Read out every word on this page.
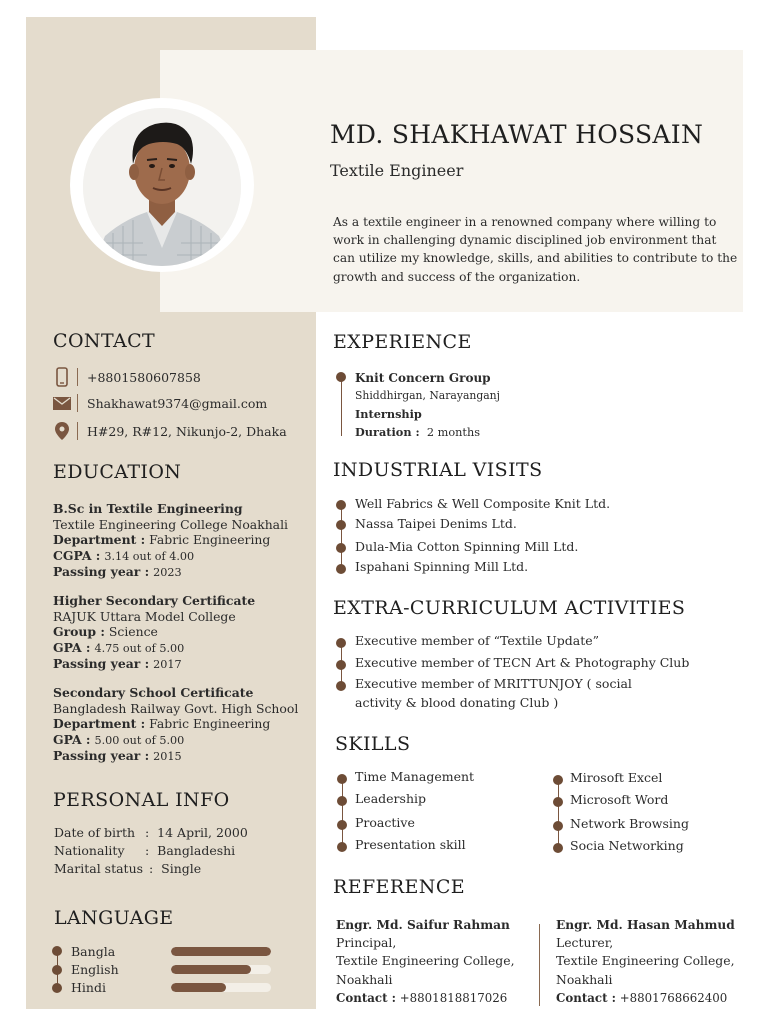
MD. SHAKHAWAT HOSSAIN
Textile Engineer
As a textile engineer in a renowned company where willing to work in challenging dynamic disciplined job environment that can utilize my knowledge, skills, and abilities to contribute to the growth and success of the organization.
CONTACT
+8801580607858
Shakhawat9374@gmail.com
H#29, R#12, Nikunjo-2, Dhaka
EDUCATION
B.Sc in Textile Engineering
Textile Engineering College Noakhali
Department : Fabric Engineering
CGPA : 3.14 out of 4.00
Passing year : 2023
Higher Secondary Certificate
RAJUK Uttara Model College
Group : Science
GPA : 4.75 out of 5.00
Passing year : 2017
Secondary School Certificate
Bangladesh Railway Govt. High School
Department : Fabric Engineering
GPA : 5.00 out of 5.00
Passing year : 2015
PERSONAL INFO
Date of birth :
14 April, 2000
Nationality	:
Bangladeshi
Marital status :
Single
LANGUAGE
Bangla
English
Hindi
EXPERIENCE
Knit Concern Group
Shiddhirgan, Narayanganj
Internship
Duration : 2 months
INDUSTRIAL VISITS
Well Fabrics & Well Composite Knit Ltd.
Nassa Taipei Denims Ltd.
Dula-Mia Cotton Spinning Mill Ltd.
Ispahani Spinning Mill Ltd.
EXTRA-CURRICULUM ACTIVITIES
Executive member of “Textile Update”
Executive member of TECN Art & Photography Club
Executive member of MRITTUNJOY ( social
activity & blood donating Club )
SKILLS
Time Management
Leadership
Proactive
Presentation skill
Mirosoft Excel
Microsoft Word
Network Browsing
Socia Networking
REFERENCE
Engr. Md. Saifur Rahman
Principal,
Textile Engineering College,
Noakhali
Contact : +8801818817026
Engr. Md. Hasan Mahmud
Lecturer,
Textile Engineering College,
Noakhali
Contact : +8801768662400
